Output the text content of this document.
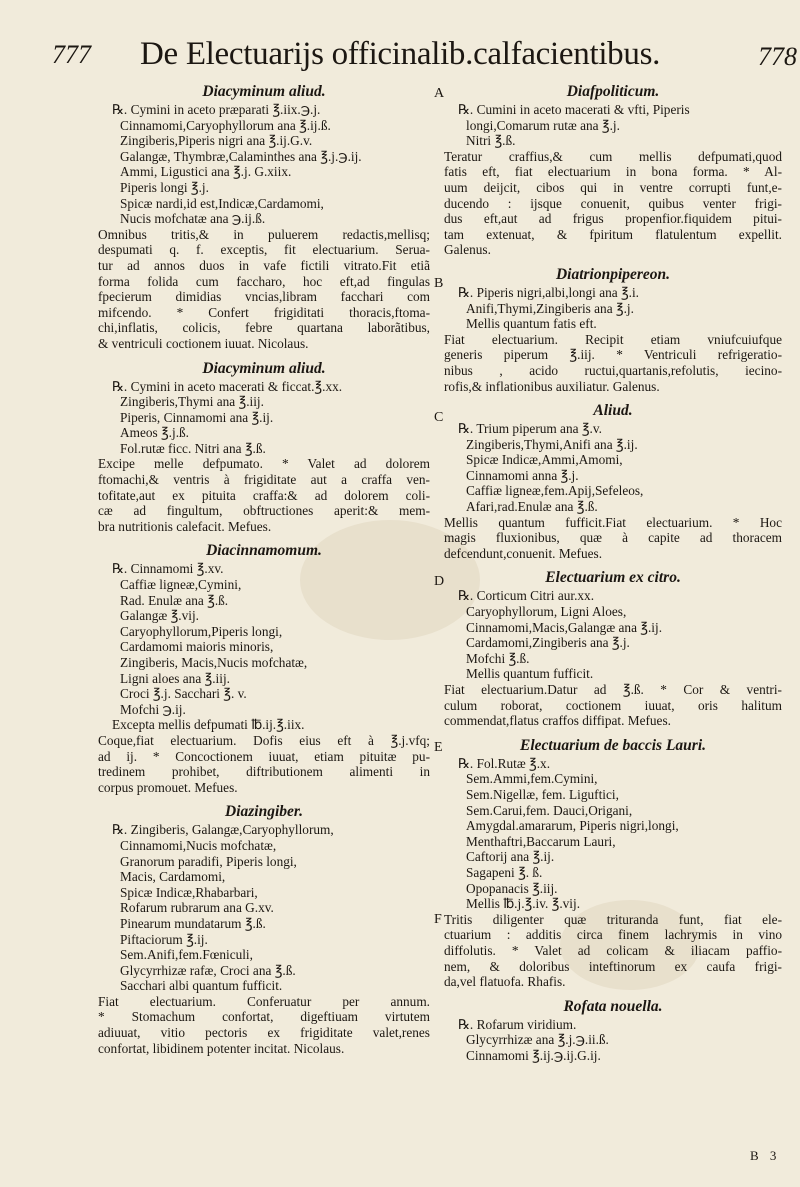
777 De Electuarijs officinalib.calfacientibus.	778
Diacyminum aliud.
℞. Cymini in aceto præparati ℥.iix.℈.j.
Cinnamomi,Caryophyllorum ana ℥.ij.ß.
Zingiberis,Piperis nigri ana ℥.ij.G.v.
Galangæ, Thymbræ,Calaminthes ana ℥.j.℈.ij.
Ammi, Ligustici ana ℥.j. G.xiix.
Piperis longi ℥.j.
Spicæ nardi,id est,Indicæ,Cardamomi,
Nucis mofchatæ ana ℈.ij.ß.
Omnibus tritis,& in puluerem redactis,mellisq;
despumati q. f. exceptis, fit electuarium. Serua-
tur ad annos duos in vafe fictili vitrato.Fit etiã
forma folida cum faccharo, hoc eft,ad fingulas
fpecierum dimidias vncias,libram facchari com
mifcendo. * Confert frigiditati thoracis,ftoma-
chi,inflatis, colicis, febre quartana laborãtibus,
& ventriculi coctionem iuuat. Nicolaus.
Diacyminum aliud.
℞. Cymini in aceto macerati & ficcat.℥.xx.
Zingiberis,Thymi ana ℥.iij.
Piperis, Cinnamomi ana ℥.ij.
Ameos ℥.j.ß.
Fol.rutæ ficc. Nitri ana ℥.ß.
Excipe melle defpumato. * Valet ad dolorem
ftomachi,& ventris à frigiditate aut a craffa ven-
tofitate,aut ex pituita craffa:& ad dolorem coli-
cæ ad fingultum, obftructiones aperit:& mem-
bra nutritionis calefacit. Mefues.
Diacinnamomum.
℞. Cinnamomi ℥.xv.
Caffiæ ligneæ,Cymini,
Rad. Enulæ ana ℥.ß.
Galangæ ℥.vij.
Caryophyllorum,Piperis longi,
Cardamomi maioris minoris,
Zingiberis, Macis,Nucis mofchatæ,
Ligni aloes ana ℥.iij.
Croci ℥.j. Sacchari ℥. v.
Mofchi ℈.ij.
Excepta mellis defpumati ℔.ij.℥.iix.
Coque,fiat electuarium. Dofis eius eft à ℥.j.vfq;
ad ij. * Concoctionem iuuat, etiam pituitæ pu-
tredinem prohibet, diftributionem alimenti in
corpus promouet. Mefues.
Diazingiber.
℞. Zingiberis, Galangæ,Caryophyllorum,
Cinnamomi,Nucis mofchatæ,
Granorum paradifi, Piperis longi,
Macis, Cardamomi,
Spicæ Indicæ,Rhabarbari,
Rofarum rubrarum ana G.xv.
Pinearum mundatarum ℥.ß.
Piftaciorum ℥.ij.
Sem.Anifi,fem.Fœniculi,
Glycyrrhizæ rafæ, Croci ana ℥.ß.
Sacchari albi quantum fufficit.
Fiat electuarium. Conferuatur per annum.
* Stomachum confortat, digeftiuam virtutem
adiuuat, vitio pectoris ex frigiditate valet,renes
confortat, libidinem potenter incitat. Nicolaus.
Diafpoliticum.
℞. Cumini in aceto macerati & vfti, Piperis
longi,Comarum rutæ ana ℥.j.
Nitri ℥.ß.
Teratur craffius,& cum mellis defpumati,quod
fatis eft, fiat electuarium in bona forma. * Al-
uum deijcit, cibos qui in ventre corrupti funt,e-
ducendo : ijsque conuenit, quibus venter frigi-
dus eft,aut ad frigus propenfior.fiquidem pitui-
tam extenuat, & fpiritum flatulentum expellit.
Galenus.
Diatrionpipereon.
℞. Piperis nigri,albi,longi ana ℥.i.
Anifi,Thymi,Zingiberis ana ℥.j.
Mellis quantum fatis eft.
Fiat electuarium. Recipit etiam vniufcuiufque
generis piperum ℥.iij. * Ventriculi refrigeratio-
nibus , acido ructui,quartanis,refolutis, iecino-
rofis,& inflationibus auxiliatur. Galenus.
Aliud.
℞. Trium piperum ana ℥.v.
Zingiberis,Thymi,Anifi ana ℥.ij.
Spicæ Indicæ,Ammi,Amomi,
Cinnamomi anna ℥.j.
Caffiæ ligneæ,fem.Apij,Sefeleos,
Afari,rad.Enulæ ana ℥.ß.
Mellis quantum fufficit.Fiat electuarium. * Hoc
magis fluxionibus, quæ à capite ad thoracem
defcendunt,conuenit. Mefues.
Electuarium ex citro.
℞. Corticum Citri aur.xx.
Caryophyllorum, Ligni Aloes,
Cinnamomi,Macis,Galangæ ana ℥.ij.
Cardamomi,Zingiberis ana ℥.j.
Mofchi ℥.ß.
Mellis quantum fufficit.
Fiat electuarium.Datur ad ℥.ß. * Cor & ventri-
culum roborat, coctionem iuuat, oris halitum
commendat,flatus craffos diffipat. Mefues.
Electuarium de baccis Lauri.
℞. Fol.Rutæ ℥.x.
Sem.Ammi,fem.Cymini,
Sem.Nigellæ, fem. Liguftici,
Sem.Carui,fem. Dauci,Origani,
Amygdal.amararum, Piperis nigri,longi,
Menthaftri,Baccarum Lauri,
Caftorij ana ℥.ij.
Sagapeni ℥. ß.
Opopanacis ℥.iij.
Mellis ℔.j.℥.iv. ℥.vij.
Tritis diligenter quæ trituranda funt, fiat ele-
ctuarium : additis circa finem lachrymis in vino
diffolutis. * Valet ad colicam & iliacam paffio-
nem, & doloribus inteftinorum ex caufa frigi-
da,vel flatuofa. Rhafis.
Rofata nouella.
℞. Rofarum viridium.
Glycyrrhizæ ana ℥.j.℈.ii.ß.
Cinnamomi ℥.ij.℈.ij.G.ij.
A
B
C
D
E
F
B 3
